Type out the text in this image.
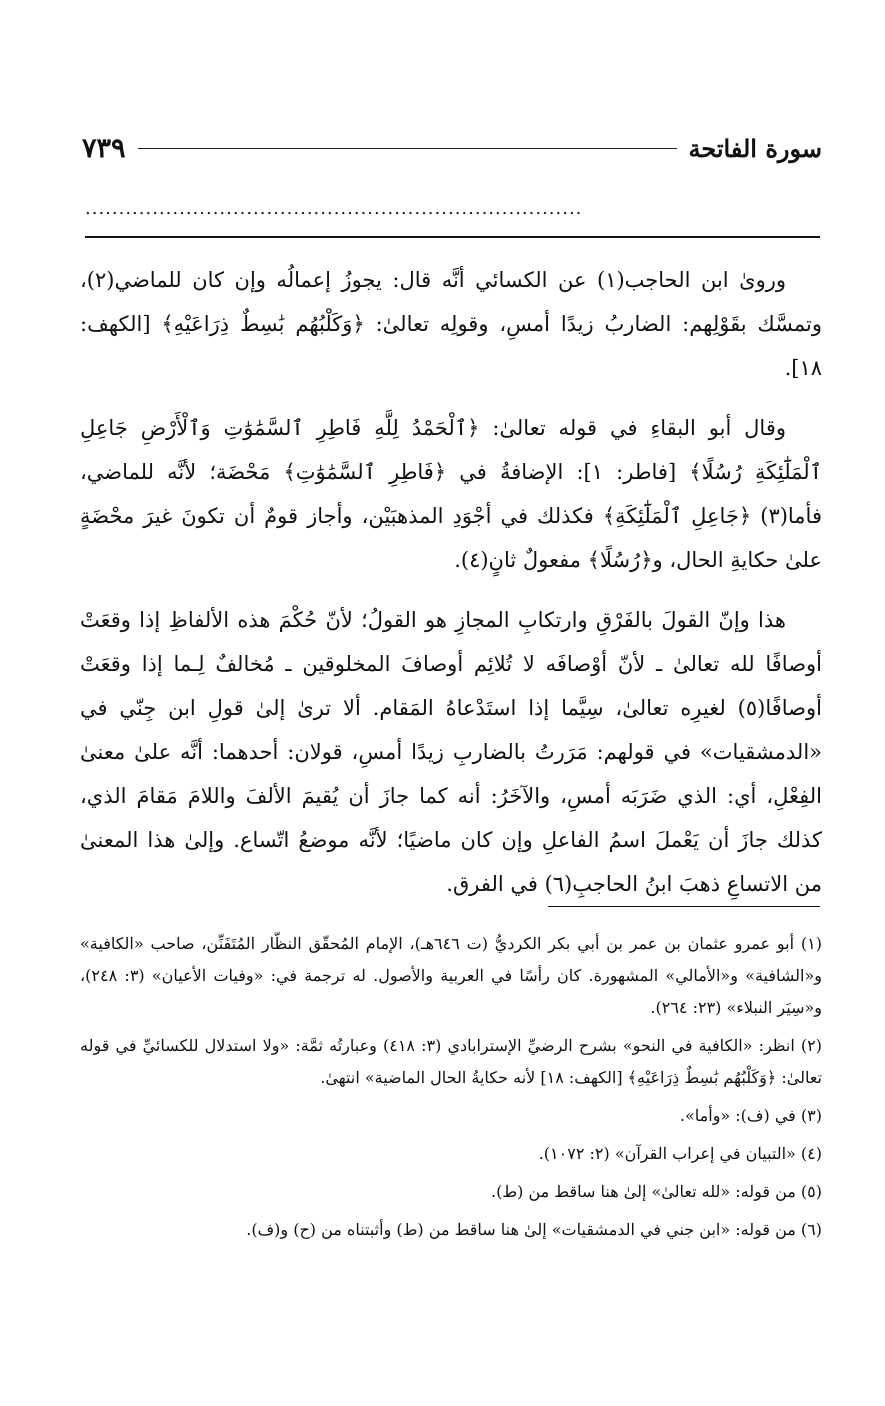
٧٣٩	سورة الفاتحة
..........................................................................

وروىٰ ابن الحاجب(١) عن الكسائي أنَّه قال: يجوزُ إعمالُه وإن كان للماضي(٢)، وتمسَّك بقَوْلِهم: الضاربُ زيدًا أمسِ، وقولِه تعالىٰ: ﴿وَكَلْبُهُم بَٰسِطٌ ذِرَاعَيْهِ﴾ [الكهف: ١٨].

وقال أبو البقاءِ في قوله تعالىٰ: ﴿ٱلْحَمْدُ لِلَّهِ فَاطِرِ ٱلسَّمَٰوَٰتِ وَٱلْأَرْضِ جَاعِلِ ٱلْمَلَٰٓئِكَةِ رُسُلًا﴾ [فاطر: ١]: الإضافةُ في ﴿فَاطِرِ ٱلسَّمَٰوَٰتِ﴾ مَحْضَة؛ لأنَّه للماضي، فأما(٣) ﴿جَاعِلِ ٱلْمَلَٰٓئِكَةِ﴾ فكذلك في أجْوَدِ المذهبَيْن، وأجاز قومٌ أن تكونَ غيرَ محْضَةٍ علىٰ حكايةِ الحال، و﴿رُسُلًا﴾ مفعولٌ ثانٍ(٤).

هذا وإنّ القولَ بالفَرْقِ وارتكابِ المجازِ هو القولُ؛ لأنّ حُكْمَ هذه الألفاظِ إذا وقعَتْ أوصافًا لله تعالىٰ ـ لأنّ أوْصافَه لا تُلائِم أوصافَ المخلوقين ـ مُخالفٌ لِـما إذا وقعَتْ أوصافًا(٥) لغيرِه تعالىٰ، سِيَّما إذا استَدْعاهُ المَقام. ألا ترىٰ إلىٰ قولِ ابن جِنّي في «الدمشقيات» في قولهم: مَرَرتُ بالضاربِ زيدًا أمسِ، قولان: أحدهما: أنَّه علىٰ معنىٰ الفِعْلِ، أي: الذي ضَرَبَه أمسِ، والآخَرُ: أنه كما جازَ أن يُقيمَ الألفَ واللامَ مَقامَ الذي، كذلك جازَ أن يَعْملَ اسمُ الفاعلِ وإن كان ماضيًا؛ لأنَّه موضعُ اتّساع. وإلىٰ هذا المعنىٰ من الاتساعِ ذهبَ ابنُ الحاجبِ(٦) في الفرق.

(١) أبو عمرو عثمان بن عمر بن أبي بكر الكرديُّ (ت ٦٤٦هـ)، الإمام المُحقّق النظّار المُتَفَنِّن، صاحب «الكافية» و«الشافية» و«الأمالي» المشهورة. كان رأسًا في العربية والأصول. له ترجمة في: «وفيات الأعيان» (٣: ٢٤٨)، و«سِيَر النبلاء» (٢٣: ٢٦٤).
(٢) انظر: «الكافية في النحو» بشرح الرضيِّ الإسترابادي (٣: ٤١٨) وعبارتُه ثمَّة: «ولا استدلال للكسائيِّ في قوله تعالىٰ: ﴿وَكَلْبُهُم بَٰسِطٌ ذِرَاعَيْهِ﴾ [الكهف: ١٨] لأنه حكايةُ الحال الماضية» انتهىٰ.
(٣) في (ف): «وأما».
(٤) «التبيان في إعراب القرآن» (٢: ١٠٧٢).
(٥) من قوله: «لله تعالىٰ» إلىٰ هنا ساقط من (ط).
(٦) من قوله: «ابن جني في الدمشقيات» إلىٰ هنا ساقط من (ط) وأثبتناه من (ح) و(ف).
